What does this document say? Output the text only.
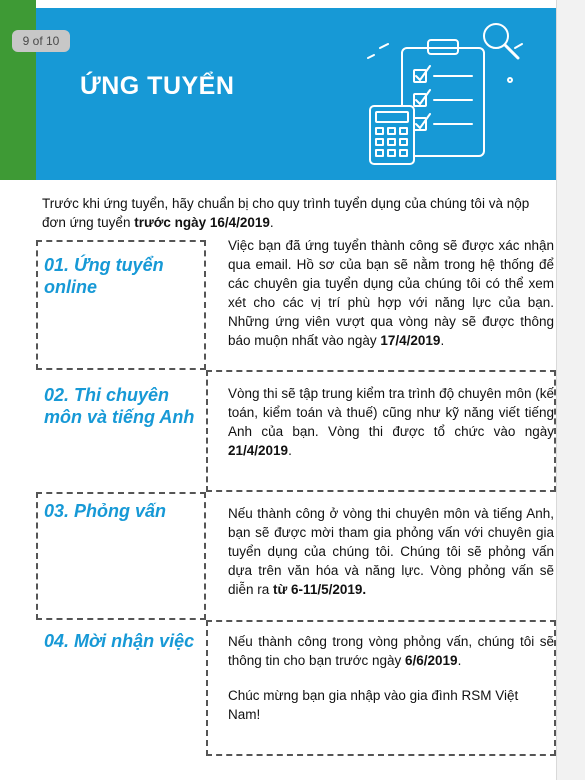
9 of 10
ỨNG TUYỂN
Trước khi ứng tuyển, hãy chuẩn bị cho quy trình tuyển dụng của chúng tôi và nộp đơn ứng tuyển trước ngày 16/4/2019.
01. Ứng tuyển online
Việc bạn đã ứng tuyển thành công sẽ được xác nhận qua email. Hồ sơ của bạn sẽ nằm trong hệ thống để các chuyên gia tuyển dụng của chúng tôi có thể xem xét cho các vị trí phù hợp với năng lực của bạn. Những ứng viên vượt qua vòng này sẽ được thông báo muộn nhất vào ngày 17/4/2019.
02. Thi chuyên môn và tiếng Anh
Vòng thi sẽ tập trung kiểm tra trình độ chuyên môn (kế toán, kiểm toán và thuế) cũng như kỹ năng viết tiếng Anh của bạn. Vòng thi được tổ chức vào ngày 21/4/2019.
03. Phỏng vấn	Nếu thành công ở vòng thi chuyên môn và tiếng Anh, bạn sẽ được mời tham gia phỏng vấn với chuyên gia tuyển dụng của chúng tôi. Chúng tôi sẽ phỏng vấn dựa trên văn hóa và năng lực. Vòng phỏng vấn sẽ diễn ra từ 6-11/5/2019.
04. Mời nhận việc	Nếu thành công trong vòng phỏng vấn, chúng tôi sẽ thông tin cho bạn trước ngày 6/6/2019.
Chúc mừng bạn gia nhập vào gia đình RSM Việt Nam!
